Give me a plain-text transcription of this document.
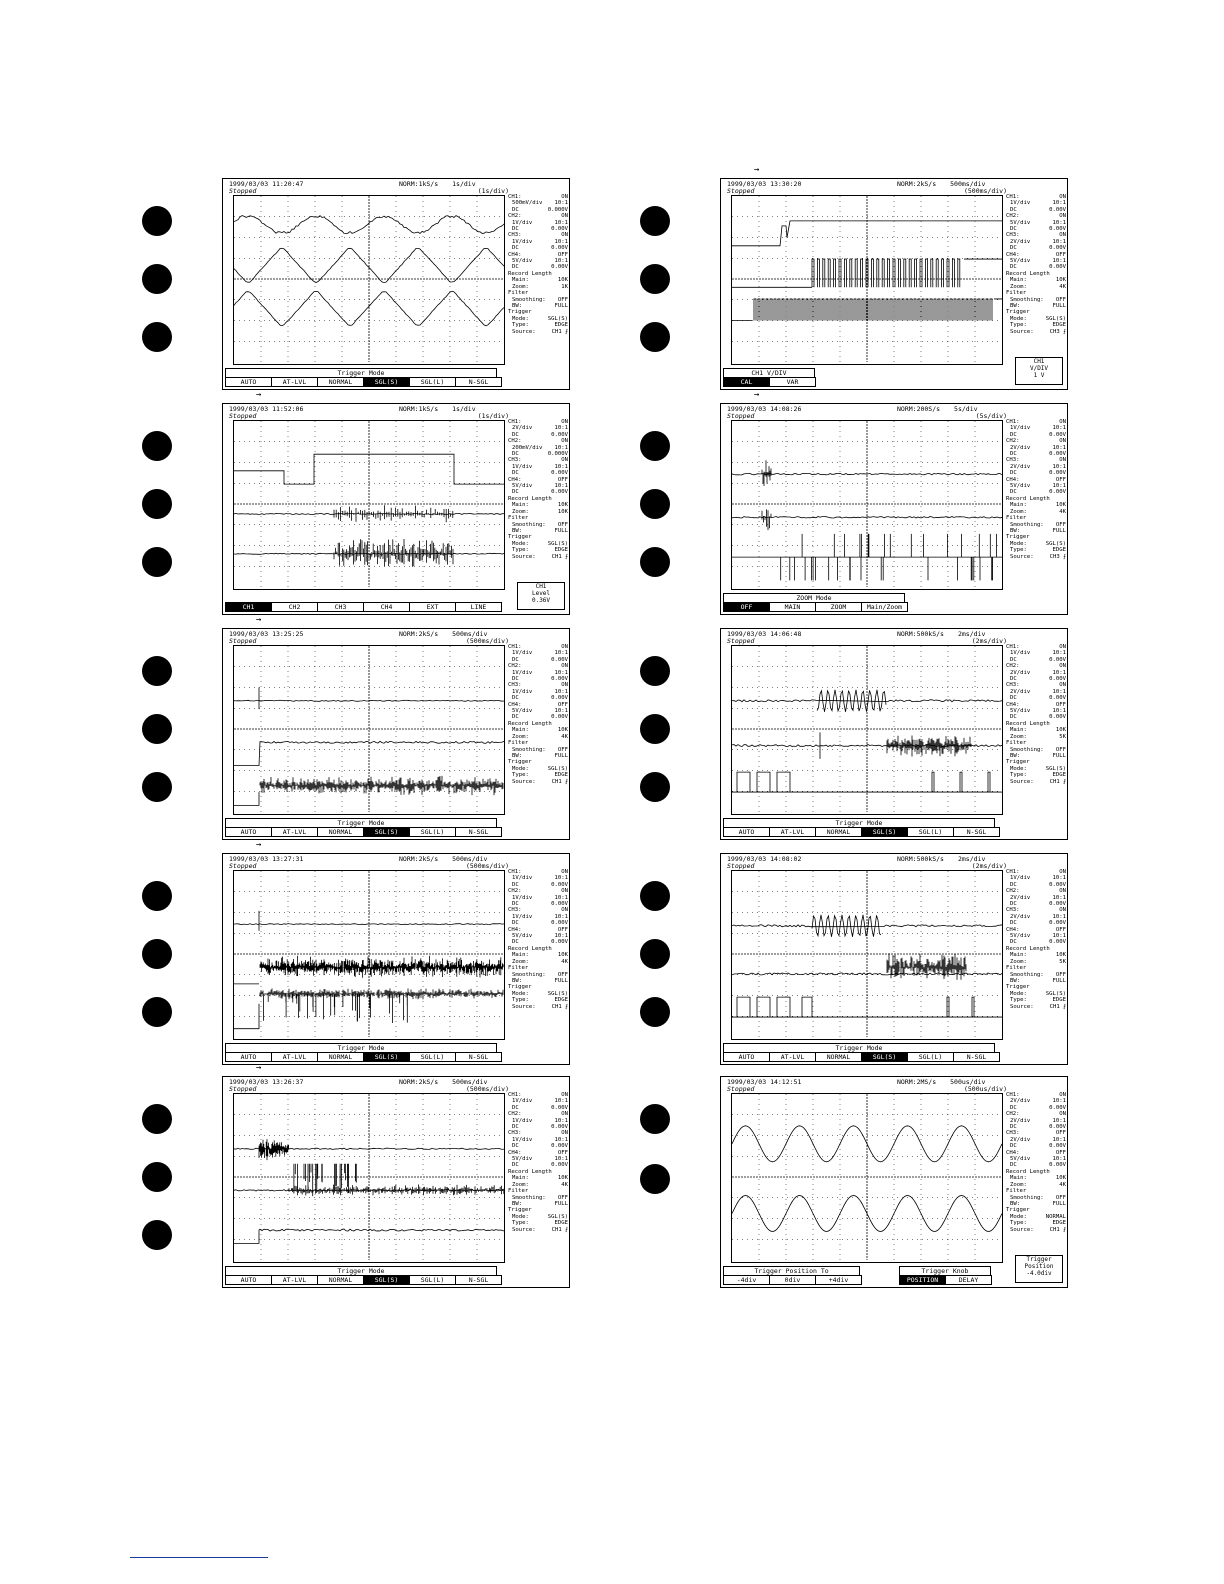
1999/03/03 11:20:47	NORM:1kS/s 1s/div
Stopped	(1s/div)
CH1:	ON
500mV/div 10:1
DC	0.000V
CH2:	ON
1V/div	10:1
DC	0.00V
CH3:	ON
1V/div	10:1
DC	0.00V
CH4:	OFF
5V/div	10:1
DC	0.00V
Record Length
Main:	10K
Zoom:	1K
Filter
Smoothing: OFF
BW:	FULL
Trigger
Mode:	SGL(S)
Type:	EDGE
Source:	CH1 ⨏
Trigger Mode
AUTO	AT-LVL	NORMAL	SGL(S)	SGL(L)	N-SGL
→
1999/03/03 13:30:20	NORM:2kS/s 500ms/div
Stopped	(500ms/div)
CH1:	ON
1V/div	10:1
DC	0.00V
CH2:	ON
5V/div	10:1
DC	0.00V
CH3:	ON
2V/div	10:1
DC	0.00V
CH4:	OFF
5V/div	10:1
DC	0.00V
Record Length
Main:	10K
Zoom:	4K
Filter
Smoothing: OFF
BW:	FULL
Trigger
Mode:	SGL(S)
Type:	EDGE
Source:	CH3 ⨍
CH1 V/DIV
CAL	VAR
CH1
V/DIV
1 V
→
1999/03/03 11:52:06	NORM:1kS/s 1s/div
Stopped	(1s/div)
CH1:	ON
2V/div	10:1
DC	0.00V
CH2:	ON
200mV/div 10:1
DC	0.000V
CH3:	ON
1V/div	10:1
DC	0.00V
CH4:	OFF
5V/div	10:1
DC	0.00V
Record Length
Main:	10K
Zoom:	10K
Filter
Smoothing: OFF
BW:	FULL
Trigger
Mode:	SGL(S)
Type:	EDGE
Source:	CH1 ⨍
CH1	CH2	CH3	CH4	EXT	LINE
CH1
Level
0.36V
→
1999/03/03 14:08:26	NORM:200S/s 5s/div
Stopped	(5s/div)
CH1:	ON
1V/div	10:1
DC	0.00V
CH2:	ON
2V/div	10:1
DC	0.00V
CH3:	ON
2V/div	10:1
DC	0.00V
CH4:	OFF
5V/div	10:1
DC	0.00V
Record Length
Main:	10K
Zoom:	4K
Filter
Smoothing: OFF
BW:	FULL
Trigger
Mode:	SGL(S)
Type:	EDGE
Source:	CH3 ⨍
ZOOM Mode
OFF	MAIN	ZOOM	Main/Zoom
→
1999/03/03 13:25:25	NORM:2kS/s 500ms/div
Stopped	(500ms/div)
CH1:	ON
1V/div	10:1
DC	0.00V
CH2:	ON
1V/div	10:1
DC	0.00V
CH3:	ON
1V/div	10:1
DC	0.00V
CH4:	OFF
5V/div	10:1
DC	0.00V
Record Length
Main:	10K
Zoom:	4K
Filter
Smoothing: OFF
BW:	FULL
Trigger
Mode:	SGL(S)
Type:	EDGE
Source:	CH1 ⨏
Trigger Mode
AUTO	AT-LVL	NORMAL	SGL(S)	SGL(L)	N-SGL
1999/03/03 14:06:48	NORM:500kS/s 2ms/div
Stopped	(2ms/div)
CH1:	ON
1V/div	10:1
DC	0.00V
CH2:	ON
2V/div	10:1
DC	0.00V
CH3:	ON
2V/div	10:1
DC	0.00V
CH4:	OFF
5V/div	10:1
DC	0.00V
Record Length
Main:	10K
Zoom:	5K
Filter
Smoothing: OFF
BW:	FULL
Trigger
Mode:	SGL(S)
Type:	EDGE
Source:	CH1 ⨏
Trigger Mode
AUTO	AT-LVL	NORMAL	SGL(S)	SGL(L)	N-SGL
→
1999/03/03 13:27:31	NORM:2kS/s 500ms/div
Stopped	(500ms/div)
CH1:	ON
1V/div	10:1
DC	0.00V
CH2:	ON
1V/div	10:1
DC	0.00V
CH3:	ON
1V/div	10:1
DC	0.00V
CH4:	OFF
5V/div	10:1
DC	0.00V
Record Length
Main:	10K
Zoom:	4K
Filter
Smoothing: OFF
BW:	FULL
Trigger
Mode:	SGL(S)
Type:	EDGE
Source:	CH1 ⨏
Trigger Mode
AUTO	AT-LVL	NORMAL	SGL(S)	SGL(L)	N-SGL
1999/03/03 14:08:02	NORM:500kS/s 2ms/div
Stopped	(2ms/div)
CH1:	ON
1V/div	10:1
DC	0.00V
CH2:	ON
2V/div	10:1
DC	0.00V
CH3:	ON
2V/div	10:1
DC	0.00V
CH4:	OFF
5V/div	10:1
DC	0.00V
Record Length
Main:	10K
Zoom:	5K
Filter
Smoothing: OFF
BW:	FULL
Trigger
Mode:	SGL(S)
Type:	EDGE
Source:	CH1 ⨏
Trigger Mode
AUTO	AT-LVL	NORMAL	SGL(S)	SGL(L)	N-SGL
→
1999/03/03 13:26:37	NORM:2kS/s 500ms/div
Stopped	(500ms/div)
CH1:	ON
1V/div	10:1
DC	0.00V
CH2:	ON
1V/div	10:1
DC	0.00V
CH3:	ON
1V/div	10:1
DC	0.00V
CH4:	OFF
5V/div	10:1
DC	0.00V
Record Length
Main:	10K
Zoom:	4K
Filter
Smoothing: OFF
BW:	FULL
Trigger
Mode:	SGL(S)
Type:	EDGE
Source:	CH1 ⨏
Trigger Mode
AUTO	AT-LVL	NORMAL	SGL(S)	SGL(L)	N-SGL
1999/03/03 14:12:51	NORM:2MS/s 500us/div
Stopped	(500us/div)
CH1:	ON
2V/div	10:1
DC	0.00V
CH2:	ON
2V/div	10:1
DC	0.00V
CH3:	OFF
2V/div	10:1
DC	0.00V
CH4:	OFF
5V/div	10:1
DC	0.00V
Record Length
Main:	10K
Zoom:	4K
Filter
Smoothing: OFF
BW:	FULL
Trigger
Mode:	NORMAL
Type:	EDGE
Source:	CH1 ⨏
Trigger Position To
-4div	0div	+4div
Trigger Knob
POSITION	DELAY
Trigger
Position
-4.0div
